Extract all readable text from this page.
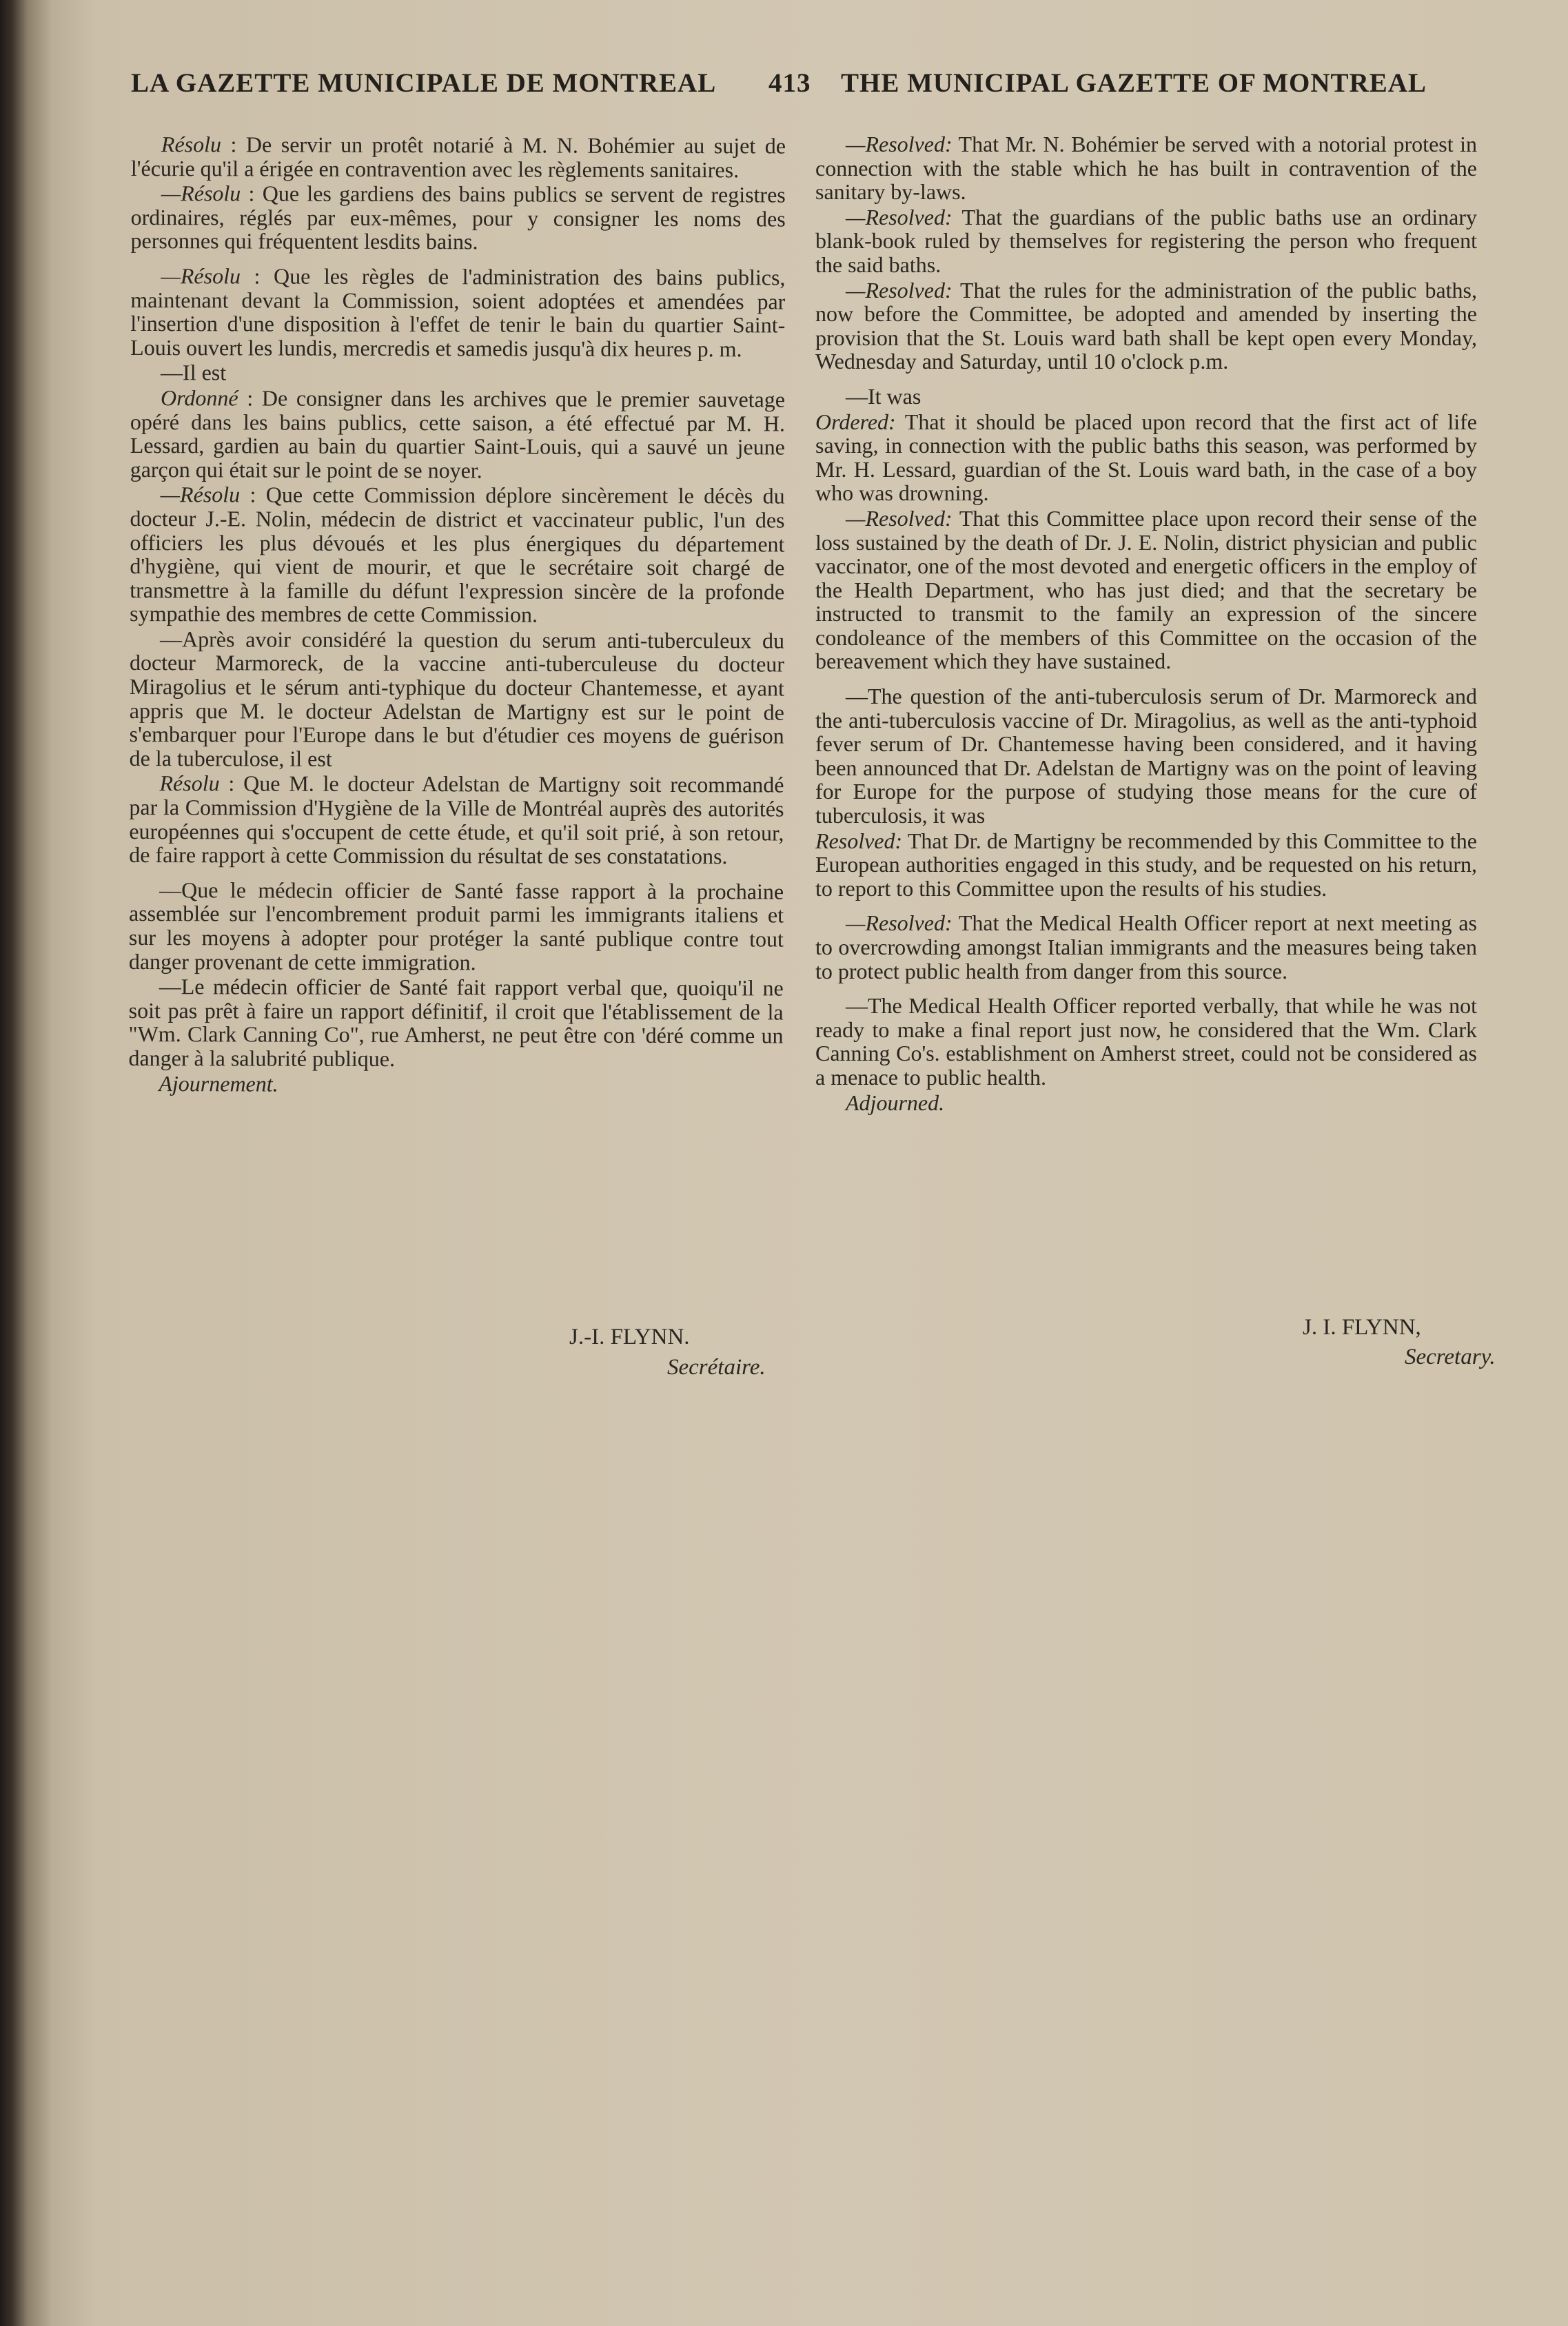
LA GAZETTE MUNICIPALE DE MONTREAL 413 THE MUNICIPAL GAZETTE OF MONTREAL

Résolu : De servir un protêt notarié à M. N. Bohémier au sujet de l'écurie qu'il a érigée en contravention avec les règlements sanitaires.

—Résolu : Que les gardiens des bains publics se servent de registres ordinaires, réglés par eux-mêmes, pour y consigner les noms des personnes qui fréquentent lesdits bains.

—Résolu : Que les règles de l'administration des bains publics, maintenant devant la Commission, soient adoptées et amendées par l'insertion d'une disposition à l'effet de tenir le bain du quartier Saint-Louis ouvert les lundis, mercredis et samedis jusqu'à dix heures p. m.

—Il est

Ordonné : De consigner dans les archives que le premier sauvetage opéré dans les bains publics, cette saison, a été effectué par M. H. Lessard, gardien au bain du quartier Saint-Louis, qui a sauvé un jeune garçon qui était sur le point de se noyer.

—Résolu : Que cette Commission déplore sincèrement le décès du docteur J.-E. Nolin, médecin de district et vaccinateur public, l'un des officiers les plus dévoués et les plus énergiques du département d'hygiène, qui vient de mourir, et que le secrétaire soit chargé de transmettre à la famille du défunt l'expression sincère de la profonde sympathie des membres de cette Commission.

—Après avoir considéré la question du serum anti-tuberculeux du docteur Marmoreck, de la vaccine anti-tuberculeuse du docteur Miragolius et le sérum anti-typhique du docteur Chantemesse, et ayant appris que M. le docteur Adelstan de Martigny est sur le point de s'embarquer pour l'Europe dans le but d'étudier ces moyens de guérison de la tuberculose, il est

Résolu : Que M. le docteur Adelstan de Martigny soit recommandé par la Commission d'Hygiène de la Ville de Montréal auprès des autorités européennes qui s'occupent de cette étude, et qu'il soit prié, à son retour, de faire rapport à cette Commission du résultat de ses constatations.

—Que le médecin officier de Santé fasse rapport à la prochaine assemblée sur l'encombrement produit parmi les immigrants italiens et sur les moyens à adopter pour protéger la santé publique contre tout danger provenant de cette immigration.

—Le médecin officier de Santé fait rapport verbal que, quoiqu'il ne soit pas prêt à faire un rapport définitif, il croit que l'établissement de la "Wm. Clark Canning Co", rue Amherst, ne peut être con 'déré comme un danger à la salubrité publique.

Ajournement.

J.-I. FLYNN.
Secrétaire.

—Resolved: That Mr. N. Bohémier be served with a notorial protest in connection with the stable which he has built in contravention of the sanitary by-laws.

—Resolved: That the guardians of the public baths use an ordinary blank-book ruled by themselves for registering the person who frequent the said baths.

—Resolved: That the rules for the administration of the public baths, now before the Committee, be adopted and amended by inserting the provision that the St. Louis ward bath shall be kept open every Monday, Wednesday and Saturday, until 10 o'clock p.m.

—It was

Ordered: That it should be placed upon record that the first act of life saving, in connection with the public baths this season, was performed by Mr. H. Lessard, guardian of the St. Louis ward bath, in the case of a boy who was drowning.

—Resolved: That this Committee place upon record their sense of the loss sustained by the death of Dr. J. E. Nolin, district physician and public vaccinator, one of the most devoted and energetic officers in the employ of the Health Department, who has just died; and that the secretary be instructed to transmit to the family an expression of the sincere condoleance of the members of this Committee on the occasion of the bereavement which they have sustained.

—The question of the anti-tuberculosis serum of Dr. Marmoreck and the anti-tuberculosis vaccine of Dr. Miragolius, as well as the anti-typhoid fever serum of Dr. Chantemesse having been considered, and it having been announced that Dr. Adelstan de Martigny was on the point of leaving for Europe for the purpose of studying those means for the cure of tuberculosis, it was

Resolved: That Dr. de Martigny be recommended by this Committee to the European authorities engaged in this study, and be requested on his return, to report to this Committee upon the results of his studies.

—Resolved: That the Medical Health Officer report at next meeting as to overcrowding amongst Italian immigrants and the measures being taken to protect public health from danger from this source.

—The Medical Health Officer reported verbally, that while he was not ready to make a final report just now, he considered that the Wm. Clark Canning Co's. establishment on Amherst street, could not be considered as a menace to public health.

Adjourned.

J. I. FLYNN,
Secretary.
